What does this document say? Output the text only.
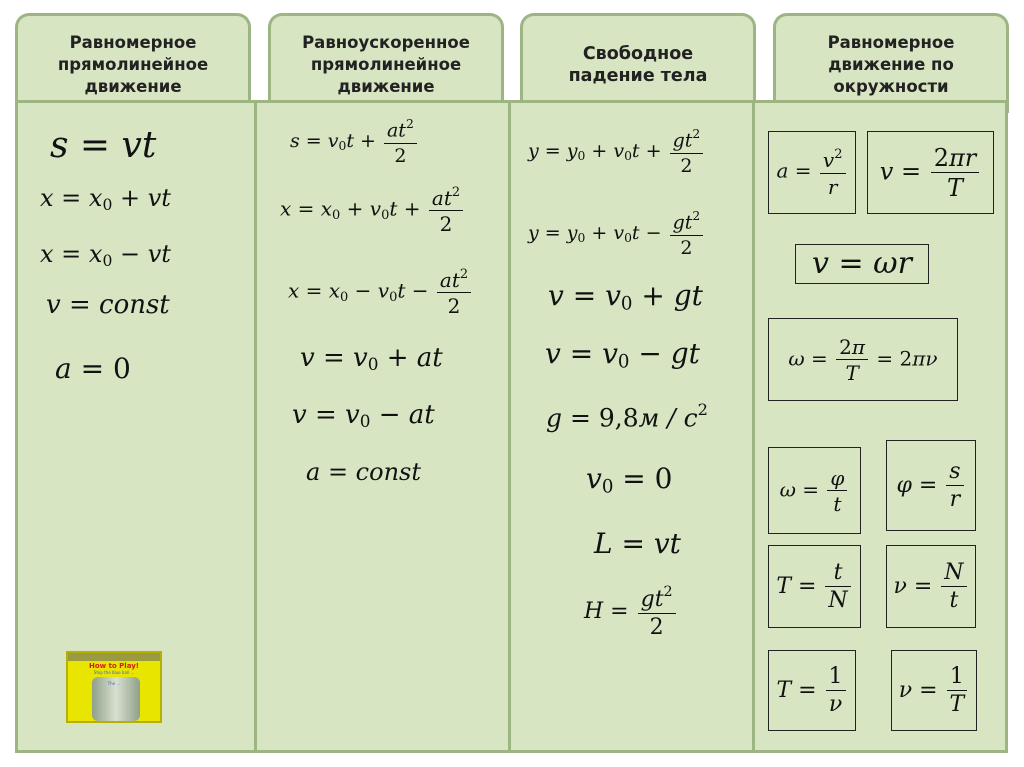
Равномерное
прямолинейное
движение
Равноускоренное
прямолинейное
движение
Свободное
падение тела
Равномерное
движение по
окружности
s = vt
$x = x_0$ + vt
$x = x_0$ − vt
v = const
a = 0
How to Play!
Stop the blue ball ...
The ...
$s = v_0t + \frac{at^2}{2}$
$x = x_0 + v_0t + \frac{at^2}{2}$
$x = x_0 - v_0t - \frac{at^2}{2}$
$v = v_0$ + at
$v = v_0$ − at
a = const
$y = y_0 + v_0t + \frac{gt^2}{2}$
$y = y_0 + v_0t - \frac{gt^2}{2}$
$v = v_0$ + gt
$v = v_0$ − gt
$g = 9,8м / c^2$
$v_0 = 0$
L = vt
$H = \frac{gt^2}{2}$
$a = \frac{v^2}{r}$ $v = \frac{2\pi r}{T}$
v = ωr
$\omega = \frac{2\pi}{T} = 2\pi\nu$
$\omega = \frac{\varphi}{t}$ $\varphi = \frac{s}{r}$
$T = \frac{t}{N}$ $\nu = \frac{N}{t}$
$T = \frac{1}{\nu}$ $\nu = \frac{1}{T}$
